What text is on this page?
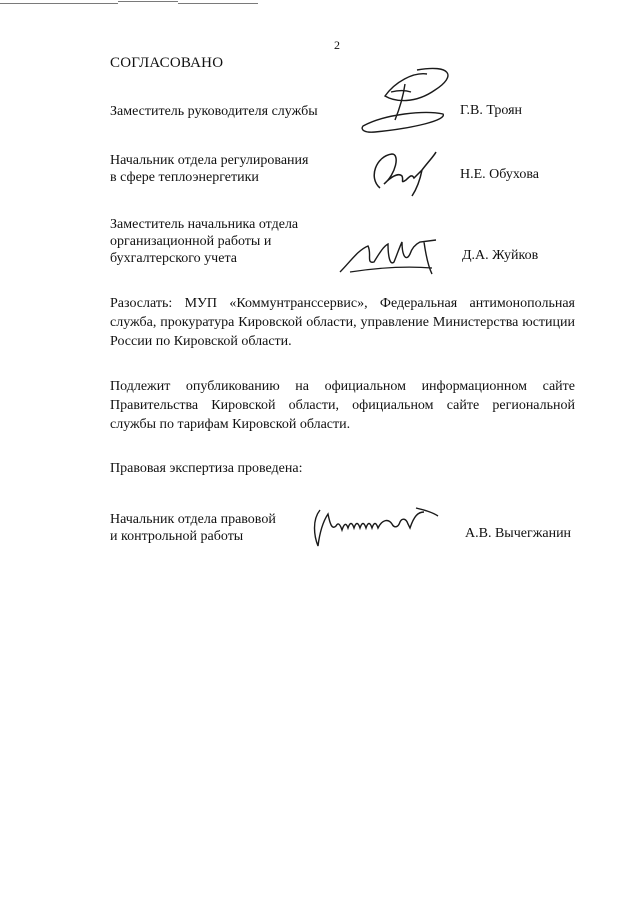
2
СОГЛАСОВАНО
Заместитель руководителя службы	Г.В. Троян
Начальник отдела регулирования
в сфере теплоэнергетики	Н.Е. Обухова
Заместитель начальника отдела
организационной работы и
бухгалтерского учета	Д.А. Жуйков
Разослать: МУП «Коммунтранссервис», Федеральная антимонопольная служба, прокуратура Кировской области, управление Министерства юстиции России по Кировской области.
Подлежит опубликованию на официальном информационном сайте Правительства Кировской области, официальном сайте региональной службы по тарифам Кировской области.
Правовая экспертиза проведена:
Начальник отдела правовой
и контрольной работы	А.В. Вычегжанин
